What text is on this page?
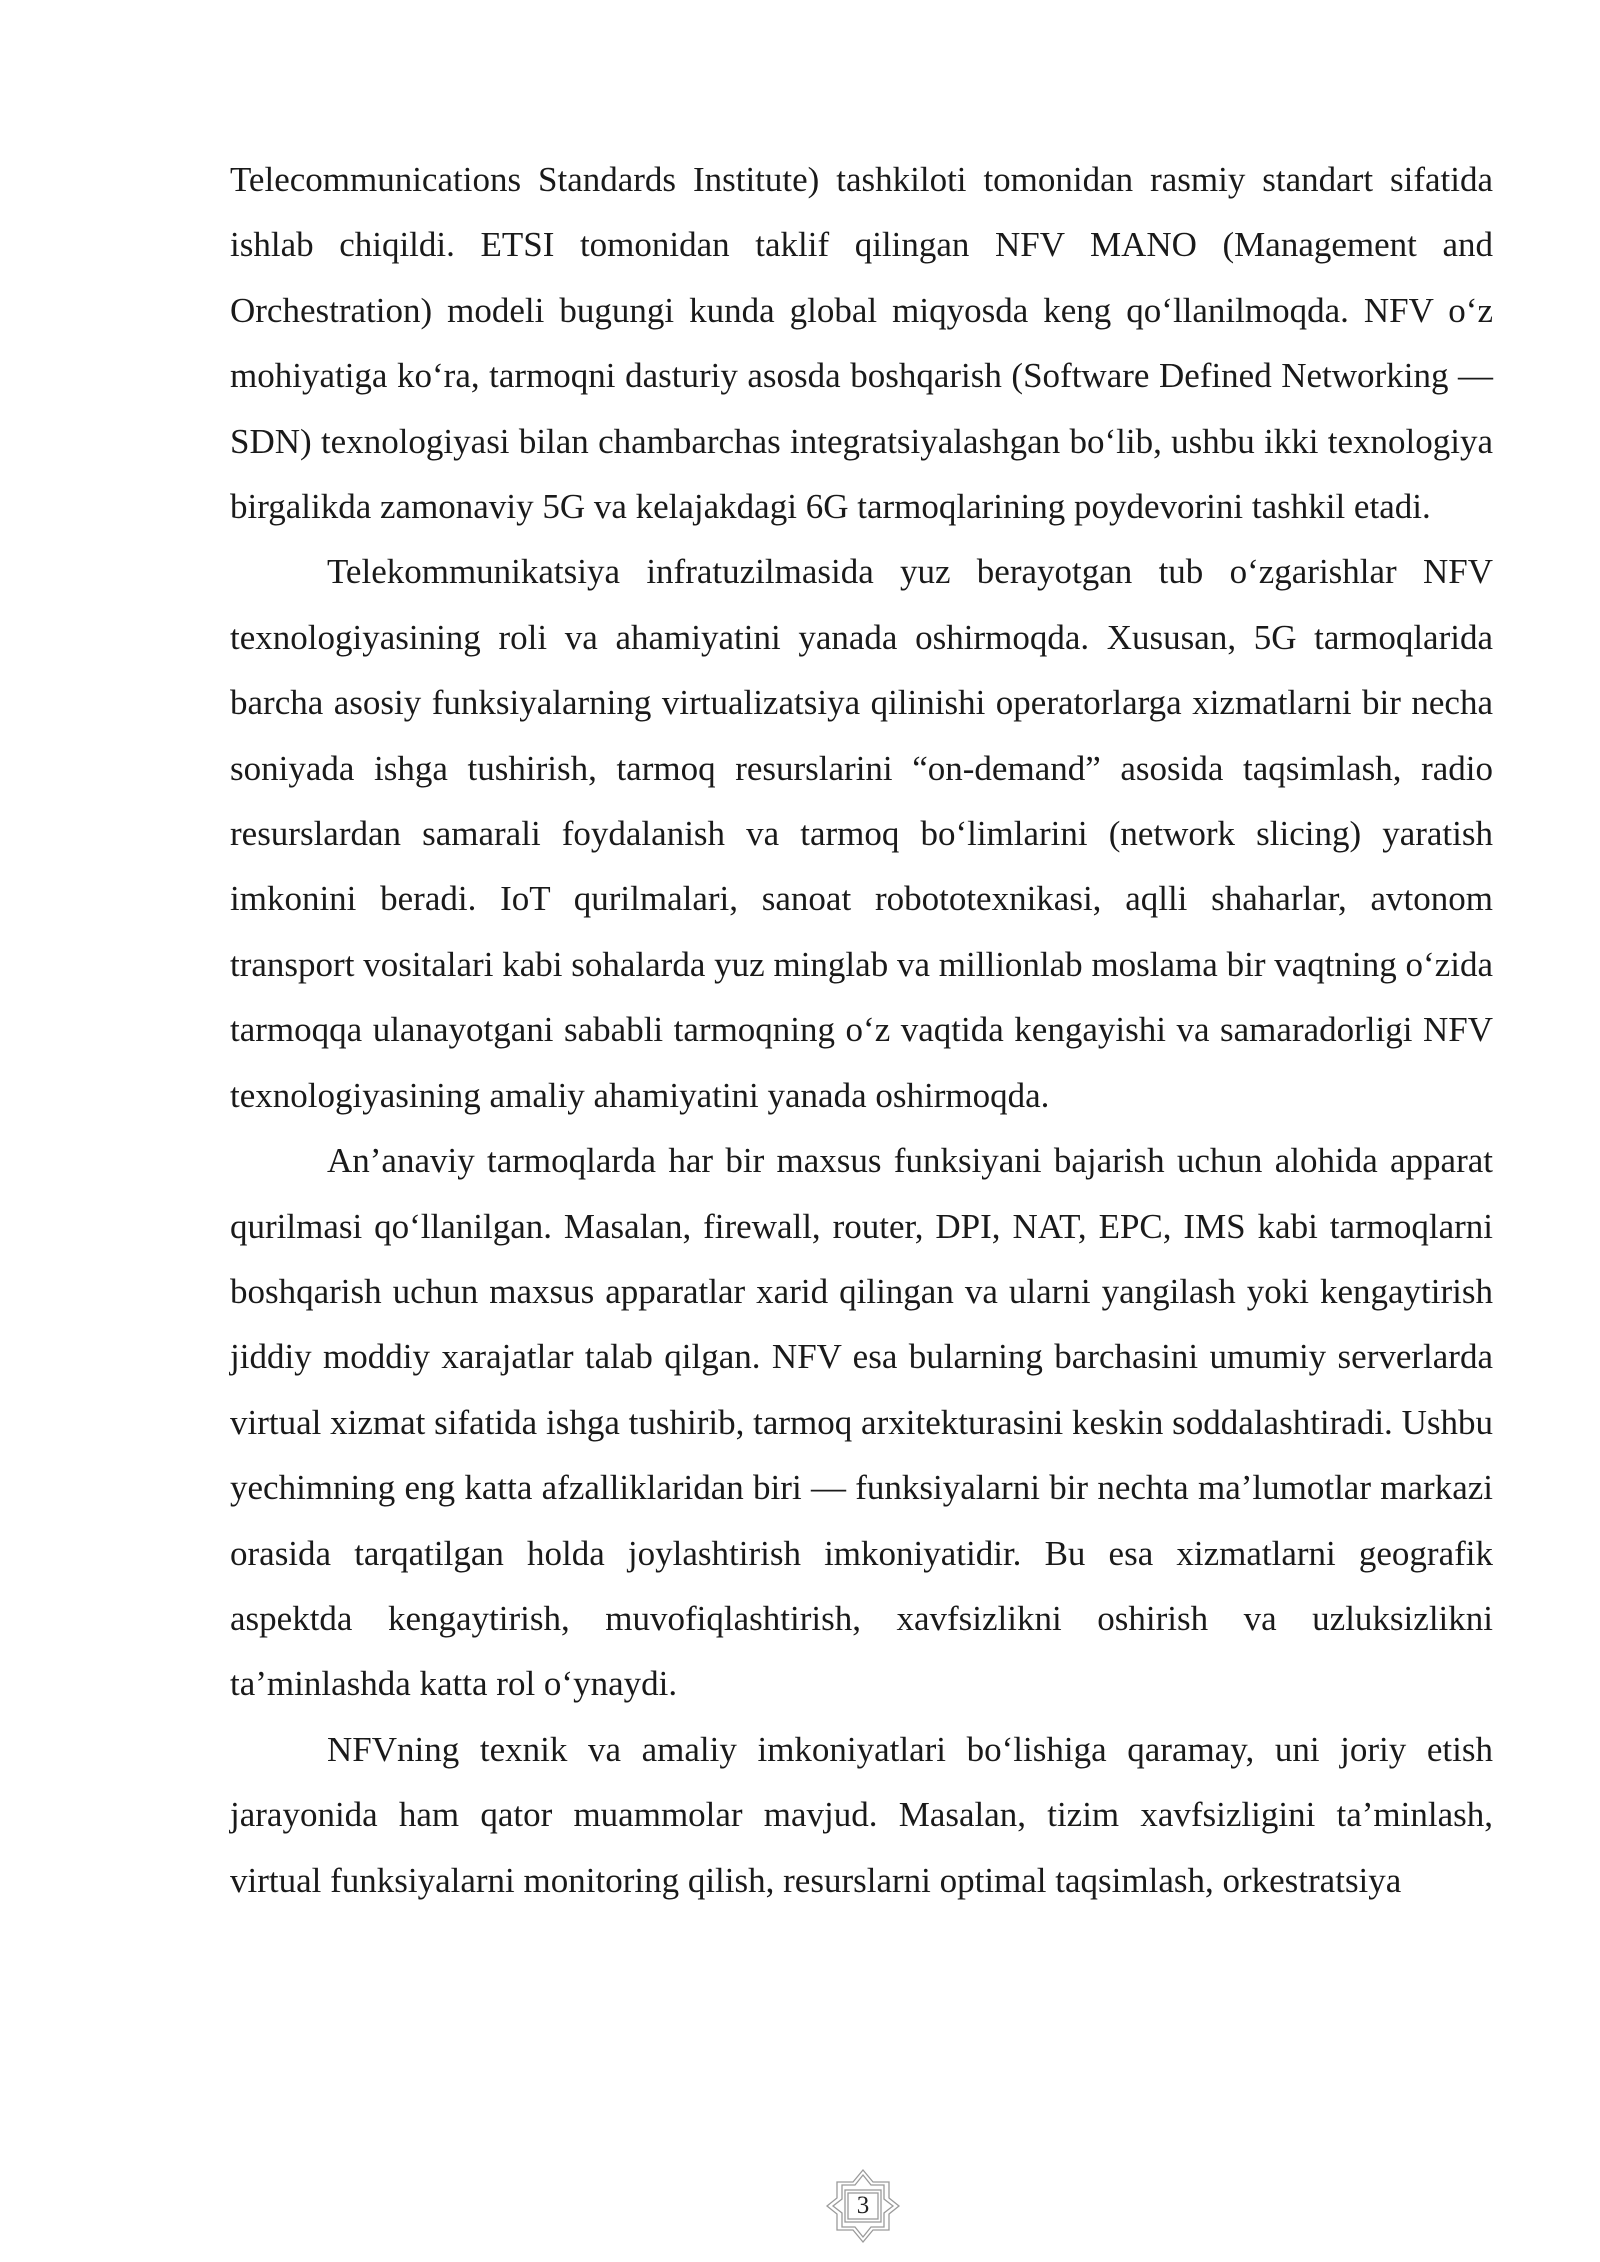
Telecommunications Standards Institute) tashkiloti tomonidan rasmiy standart sifatida ishlab chiqildi. ETSI tomonidan taklif qilingan NFV MANO (Management and Orchestration) modeli bugungi kunda global miqyosda keng qo‘llanilmoqda. NFV o‘z mohiyatiga ko‘ra, tarmoqni dasturiy asosda boshqarish (Software Defined Networking — SDN) texnologiyasi bilan chambarchas integratsiyalashgan bo‘lib, ushbu ikki texnologiya birgalikda zamonaviy 5G va kelajakdagi 6G tarmoqlarining poydevorini tashkil etadi.

Telekommunikatsiya infratuzilmasida yuz berayotgan tub o‘zgarishlar NFV texnologiyasining roli va ahamiyatini yanada oshirmoqda. Xususan, 5G tarmoqlarida barcha asosiy funksiyalarning virtualizatsiya qilinishi operatorlarga xizmatlarni bir necha soniyada ishga tushirish, tarmoq resurslarini “on-demand” asosida taqsimlash, radio resurslardan samarali foydalanish va tarmoq bo‘limlarini (network slicing) yaratish imkonini beradi. IoT qurilmalari, sanoat robototexnikasi, aqlli shaharlar, avtonom transport vositalari kabi sohalarda yuz minglab va millionlab moslama bir vaqtning o‘zida tarmoqqa ulanayotgani sababli tarmoqning o‘z vaqtida kengayishi va samaradorligi NFV texnologiyasining amaliy ahamiyatini yanada oshirmoqda.

An’anaviy tarmoqlarda har bir maxsus funksiyani bajarish uchun alohida apparat qurilmasi qo‘llanilgan. Masalan, firewall, router, DPI, NAT, EPC, IMS kabi tarmoqlarni boshqarish uchun maxsus apparatlar xarid qilingan va ularni yangilash yoki kengaytirish jiddiy moddiy xarajatlar talab qilgan. NFV esa bularning barchasini umumiy serverlarda virtual xizmat sifatida ishga tushirib, tarmoq arxitekturasini keskin soddalashtiradi. Ushbu yechimning eng katta afzalliklaridan biri — funksiyalarni bir nechta ma’lumotlar markazi orasida tarqatilgan holda joylashtirish imkoniyatidir. Bu esa xizmatlarni geografik aspektda kengaytirish, muvofiqlashtirish, xavfsizlikni oshirish va uzluksizlikni ta’minlashda katta rol o‘ynaydi.

NFVning texnik va amaliy imkoniyatlari bo‘lishiga qaramay, uni joriy etish jarayonida ham qator muammolar mavjud. Masalan, tizim xavfsizligini ta’minlash, virtual funksiyalarni monitoring qilish, resurslarni optimal taqsimlash, orkestratsiya

3
